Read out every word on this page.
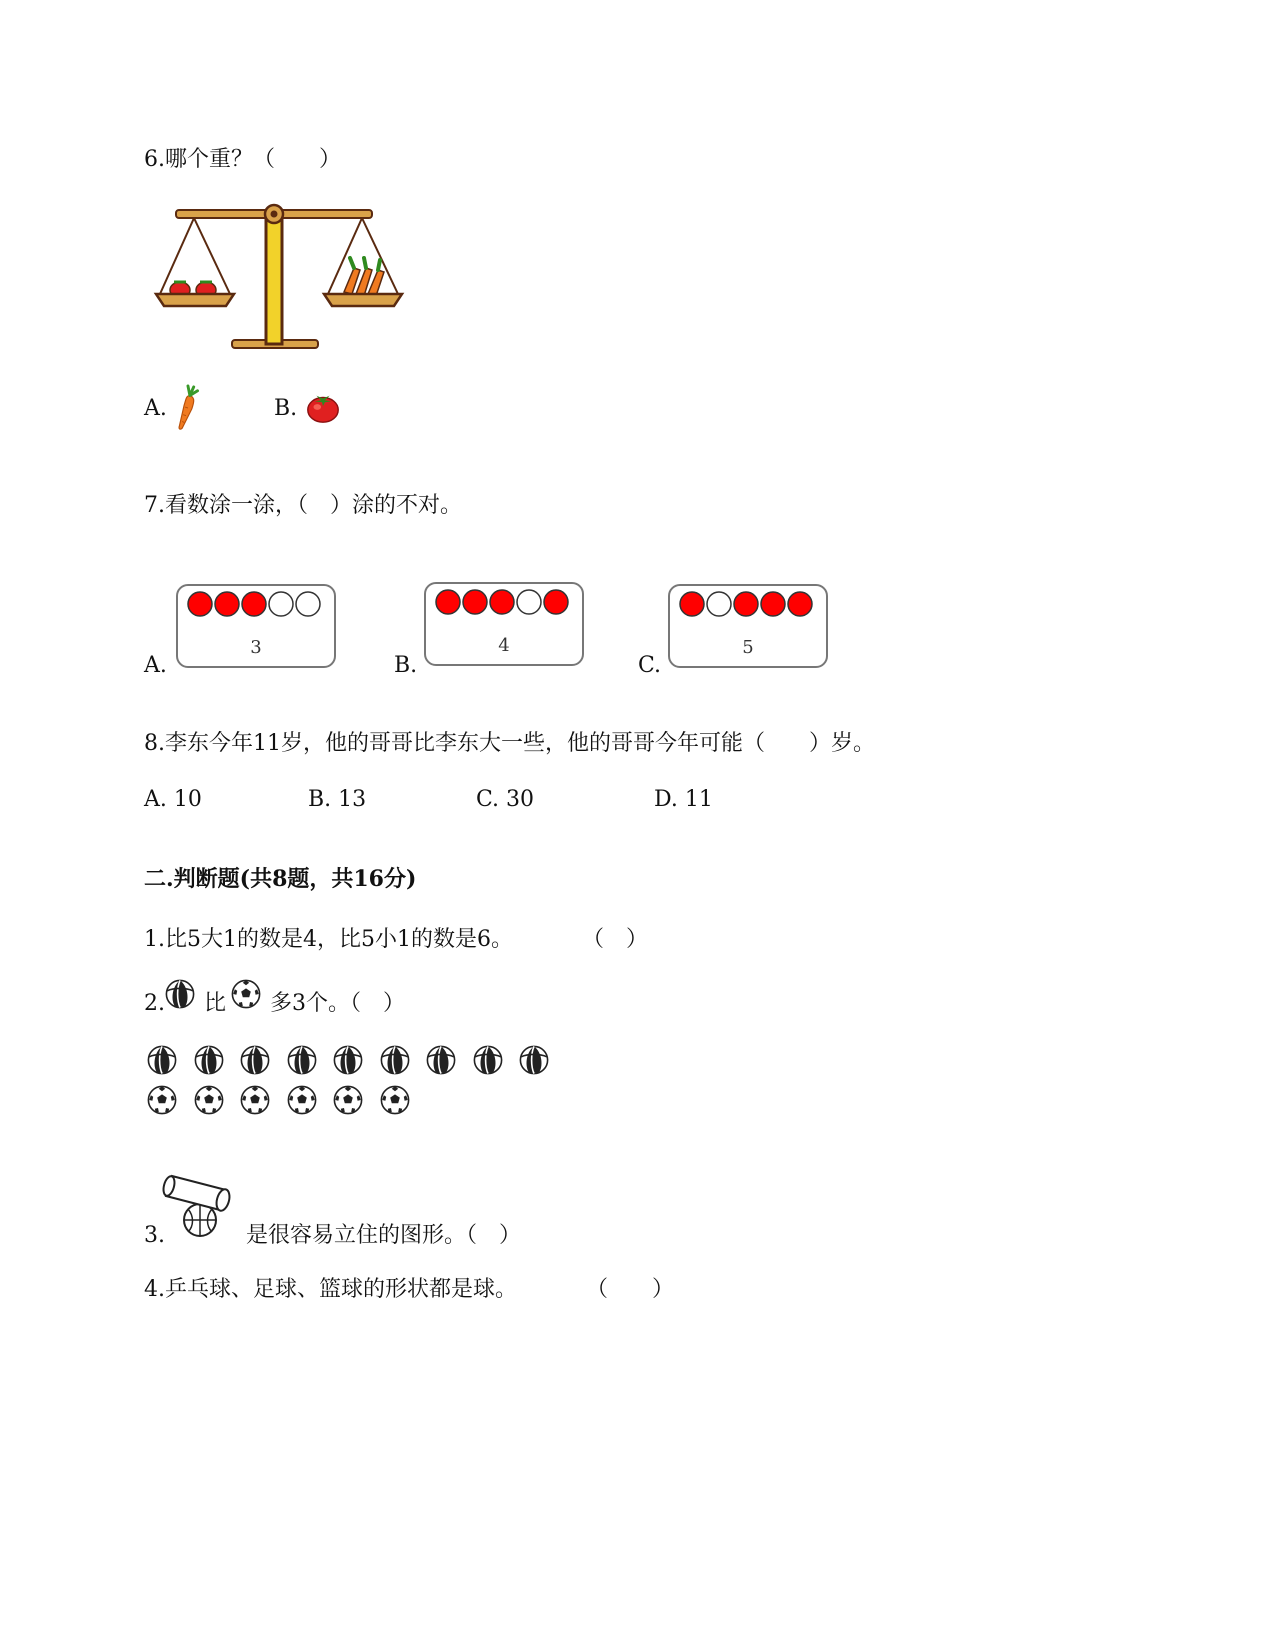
6.哪个重？（　　）
A.	B.
7.看数涂一涂，（　）涂的不对。
A.
3
B.
4
C.
5
8.李东今年11岁，他的哥哥比李东大一些，他的哥哥今年可能（　　）岁。
A. 10	B. 13	C. 30	D. 11
二.判断题(共8题，共16分)
1.比5大1的数是4，比5小1的数是6。	（　）
2. 比 多3个。（　）
3.	是很容易立住的图形。（　）
4.乒乓球、足球、篮球的形状都是球。	（　　）
